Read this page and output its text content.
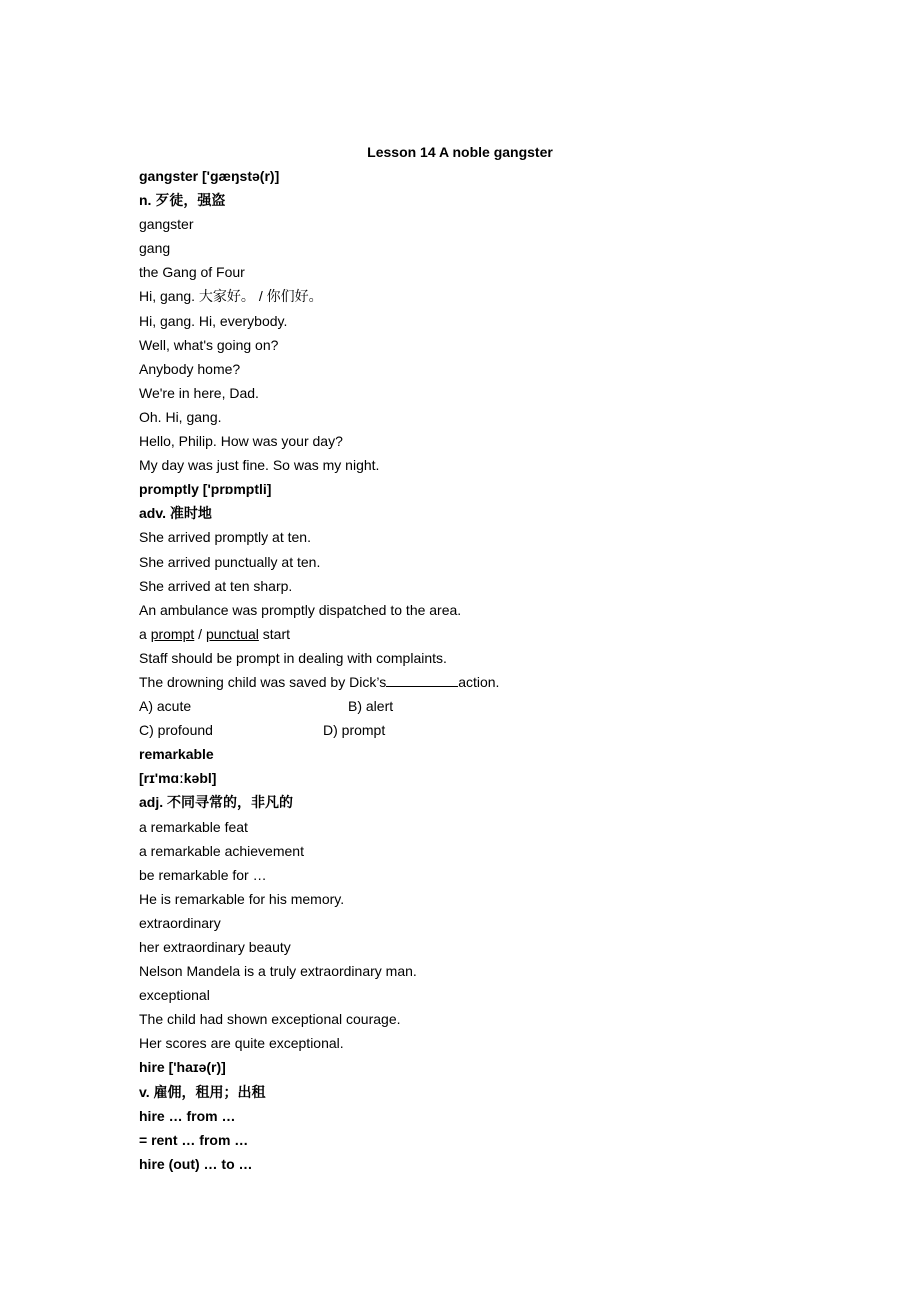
Lesson 14 A noble gangster
gangster ['gæŋstə(r)]
n. 歹徒，强盗
gangster
gang
the Gang of Four
Hi, gang. 大家好。 / 你们好。
Hi, gang. Hi, everybody.
Well, what's going on?
Anybody home?
We're in here, Dad.
Oh. Hi, gang.
Hello, Philip. How was your day?
My day was just fine. So was my night.
promptly ['prɒmptli]
adv. 准时地
She arrived promptly at ten.
She arrived punctually at ten.
She arrived at ten sharp.
An ambulance was promptly dispatched to the area.
a prompt / punctual start
Staff should be prompt in dealing with complaints.
The drowning child was saved by Dick’s	action.
A) acute	B) alert
C) profound	D) prompt
remarkable
[rɪ'mɑːkəbl]
adj. 不同寻常的，非凡的
a remarkable feat
a remarkable achievement
be remarkable for …
He is remarkable for his memory.
extraordinary
her extraordinary beauty
Nelson Mandela is a truly extraordinary man.
exceptional
The child had shown exceptional courage.
Her scores are quite exceptional.
hire ['haɪə(r)]
v. 雇佣，租用；出租
hire … from …
= rent … from …
hire (out) … to …
